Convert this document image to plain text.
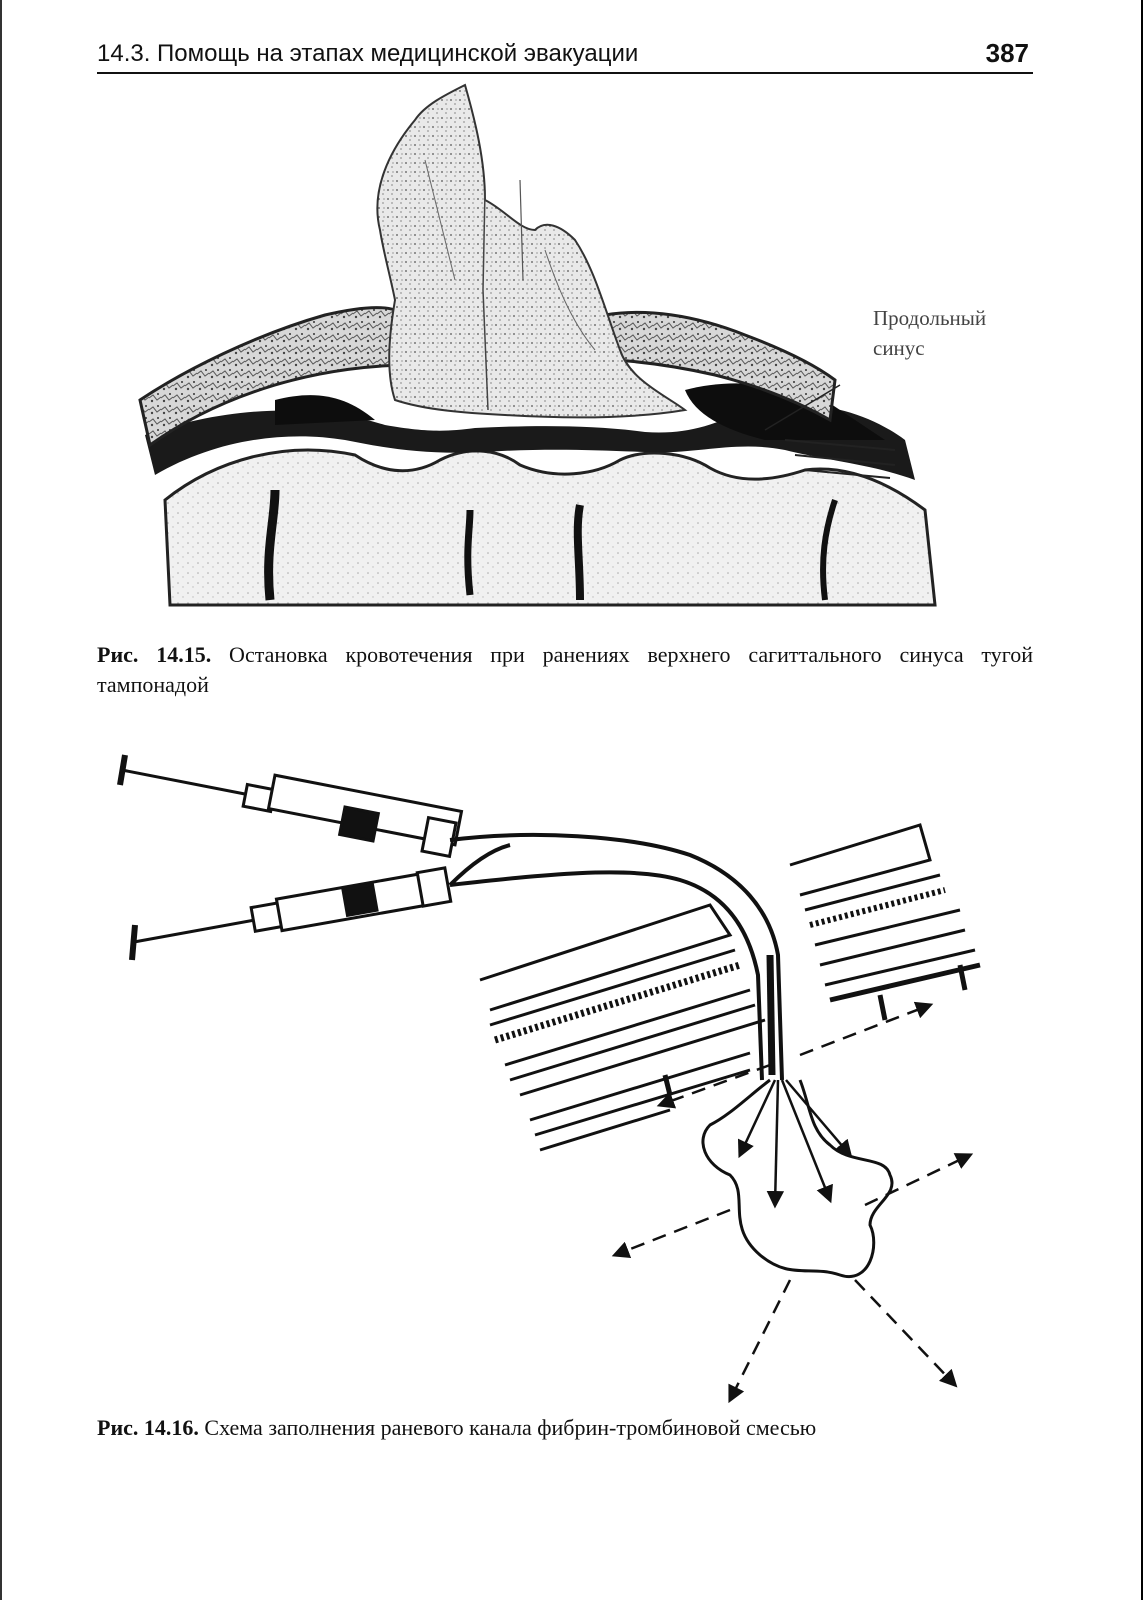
14.3. Помощь на этапах медицинской эвакуации	387
Продольный
синус
Рис. 14.15. Остановка кровотечения при ранениях верхнего сагиттального синуса тугой тампонадой
Рис. 14.16. Схема заполнения раневого канала фибрин-тромбиновой смесью
